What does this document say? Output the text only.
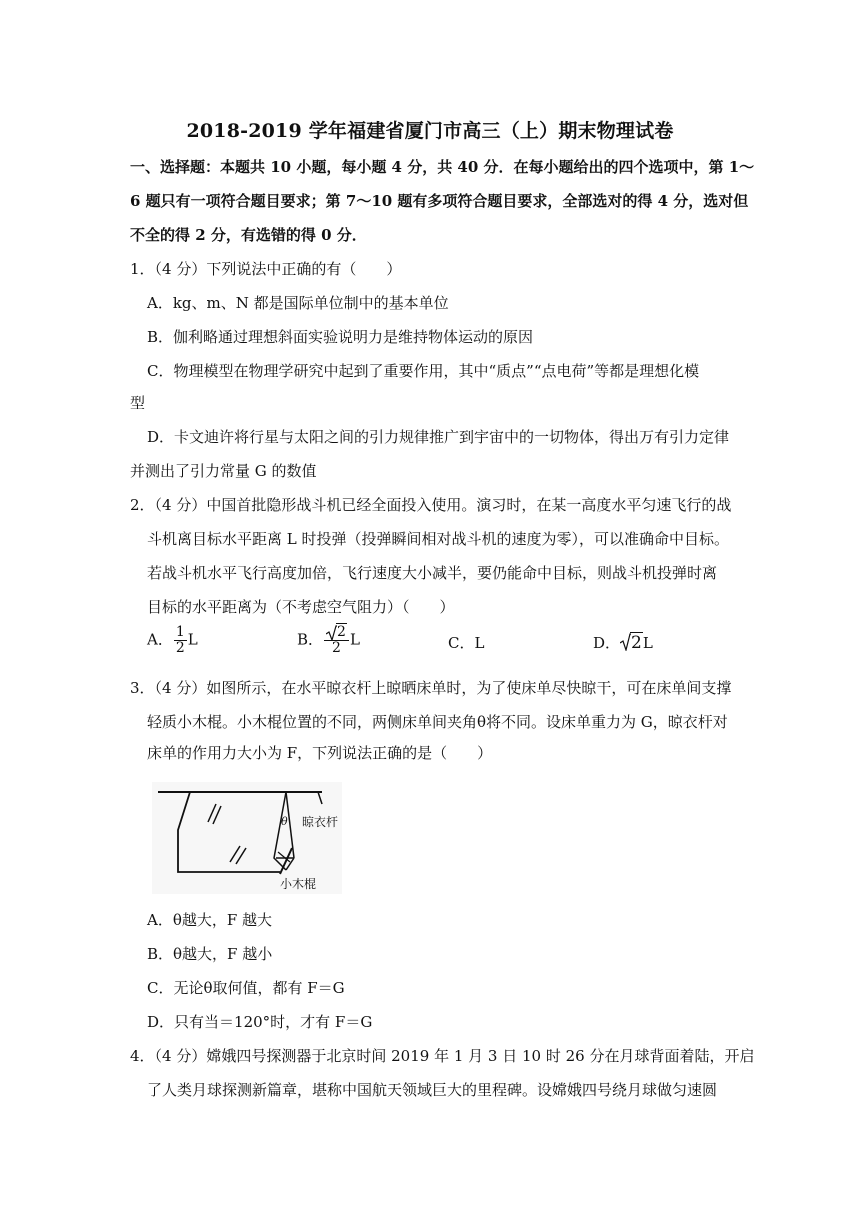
2018-2019 学年福建省厦门市高三（上）期末物理试卷
一、选择题：本题共 10 小题，每小题 4 分，共 40 分．在每小题给出的四个选项中，第 1～
6 题只有一项符合题目要求；第 7～10 题有多项符合题目要求，全部选对的得 4 分，选对但
不全的得 2 分，有选错的得 0 分．
1．（4 分）下列说法中正确的有（　　）
A．kg、m、N 都是国际单位制中的基本单位
B．伽利略通过理想斜面实验说明力是维持物体运动的原因
C．物理模型在物理学研究中起到了重要作用，其中“质点”“点电荷”等都是理想化模
型
D．卡文迪许将行星与太阳之间的引力规律推广到宇宙中的一切物体，得出万有引力定律
并测出了引力常量 G 的数值
2．（4 分）中国首批隐形战斗机已经全面投入使用。演习时，在某一高度水平匀速飞行的战
斗机离目标水平距离 L 时投弹（投弹瞬间相对战斗机的速度为零），可以准确命中目标。
若战斗机水平飞行高度加倍，飞行速度大小减半，要仍能命中目标，则战斗机投弹时离
目标的水平距离为（不考虑空气阻力）（　　）
A． $\frac{1}{2}$ L	B． $\frac{2}{2}$ L	C．L	D． 2L
3．（4 分）如图所示，在水平晾衣杆上晾晒床单时，为了使床单尽快晾干，可在床单间支撑
轻质小木棍。小木棍位置的不同，两侧床单间夹角θ将不同。设床单重力为 G，晾衣杆对
床单的作用力大小为 F，下列说法正确的是（　　）
θ 晾衣杆
小木棍
A．θ越大，F 越大
B．θ越大，F 越小
C．无论θ取何值，都有 F＝G
D．只有当＝120°时，才有 F＝G
4．（4 分）嫦娥四号探测器于北京时间 2019 年 1 月 3 日 10 时 26 分在月球背面着陆，开启
了人类月球探测新篇章，堪称中国航天领域巨大的里程碑。设嫦娥四号绕月球做匀速圆
